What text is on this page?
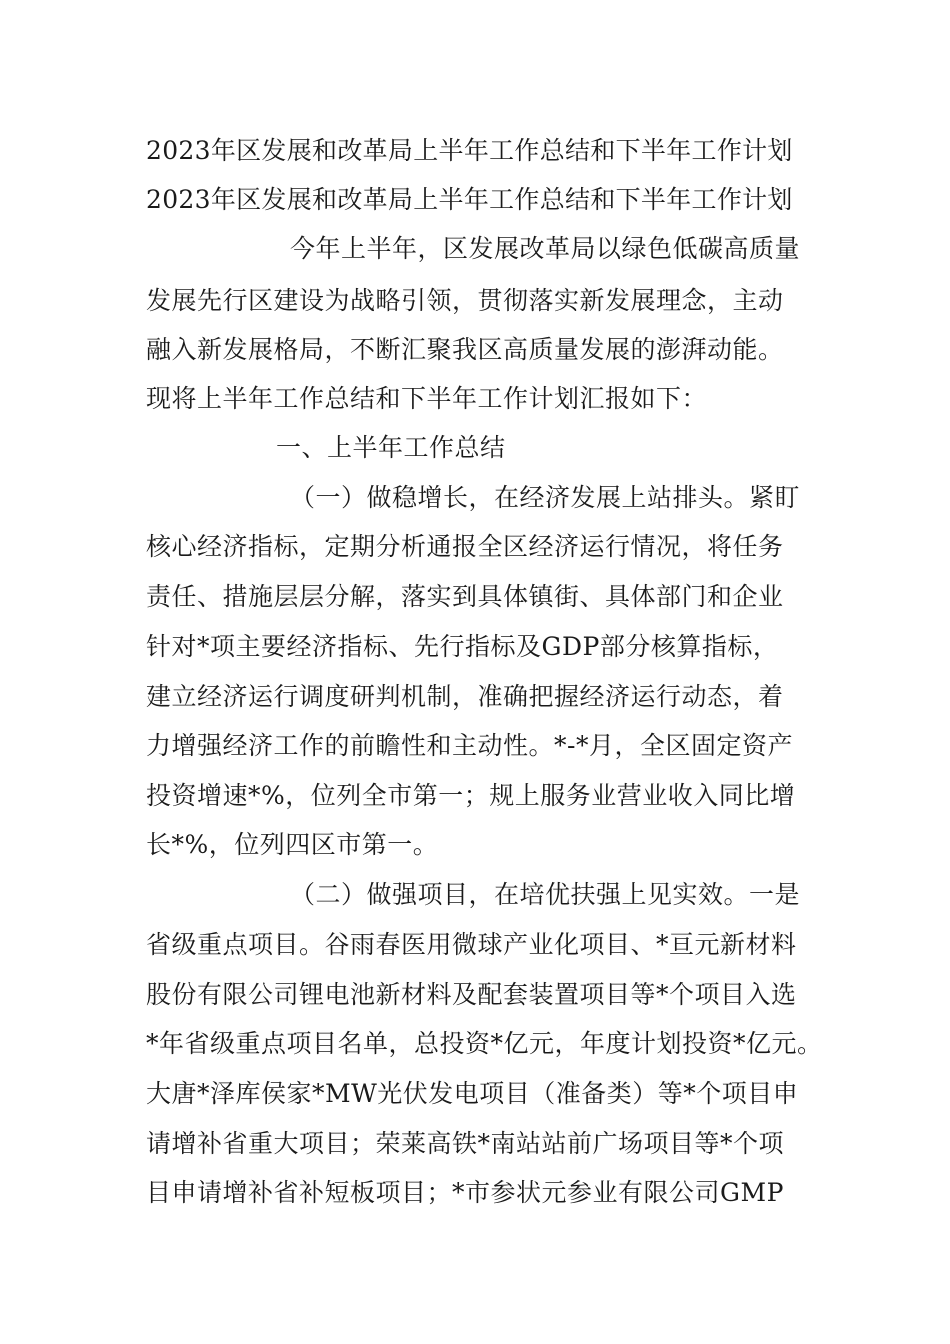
2023年区发展和改革局上半年工作总结和下半年工作计划
2023年区发展和改革局上半年工作总结和下半年工作计划
今年上半年，区发展改革局以绿色低碳高质量
发展先行区建设为战略引领，贯彻落实新发展理念，主动
融入新发展格局，不断汇聚我区高质量发展的澎湃动能。
现将上半年工作总结和下半年工作计划汇报如下：
一、上半年工作总结
（一）做稳增长，在经济发展上站排头。紧盯
核心经济指标，定期分析通报全区经济运行情况，将任务
责任、措施层层分解，落实到具体镇街、具体部门和企业
针对*项主要经济指标、先行指标及GDP部分核算指标，
建立经济运行调度研判机制，准确把握经济运行动态，着
力增强经济工作的前瞻性和主动性。*-*月，全区固定资产
投资增速*%，位列全市第一；规上服务业营业收入同比增
长*%，位列四区市第一。
（二）做强项目，在培优扶强上见实效。一是
省级重点项目。谷雨春医用微球产业化项目、*亘元新材料
股份有限公司锂电池新材料及配套装置项目等*个项目入选
*年省级重点项目名单，总投资*亿元，年度计划投资*亿元。
大唐*泽库侯家*MW光伏发电项目（准备类）等*个项目申
请增补省重大项目；荣莱高铁*南站站前广场项目等*个项
目申请增补省补短板项目；*市参状元参业有限公司GMP
